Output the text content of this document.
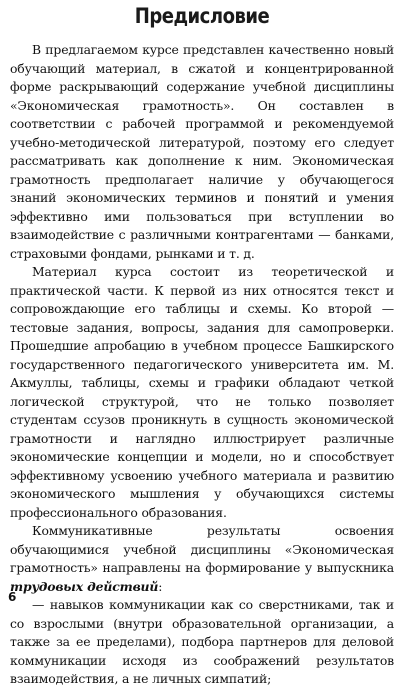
Предисловие

В предлагаемом курсе представлен качественно новый обучающий материал, в сжатой и концентрированной форме раскрывающий содержание учебной дисциплины «Экономическая грамотность». Он составлен в соответствии с рабочей программой и рекомендуемой учебно-методической литературой, поэтому его следует рассматривать как дополнение к ним. Экономическая грамотность предполагает наличие у обучающегося знаний экономических терминов и понятий и умения эффективно ими пользоваться при вступлении во взаимодействие с различными контрагентами — банками, страховыми фондами, рынками и т. д.

Материал курса состоит из теоретической и практической части. К первой из них относятся текст и сопровождающие его таблицы и схемы. Ко второй — тестовые задания, вопросы, задания для самопроверки. Прошедшие апробацию в учебном процессе Башкирского государственного педагогического университета им. М. Акмуллы, таблицы, схемы и графики обладают четкой логической структурой, что не только позволяет студентам ссузов проникнуть в сущность экономической грамотности и наглядно иллюстрирует различные экономические концепции и модели, но и способствует эффективному усвоению учебного материала и развитию экономического мышления у обучающихся системы профессионального образования.

Коммуникативные результаты освоения обучающимися учебной дисциплины «Экономическая грамотность» направлены на формирование у выпускника трудовых действий:

— навыков коммуникации как со сверстниками, так и со взрослыми (внутри образовательной организации, а также за ее пределами), подбора партнеров для деловой коммуникации исходя из соображений результатов взаимодействия, а не личных симпатий;

6
